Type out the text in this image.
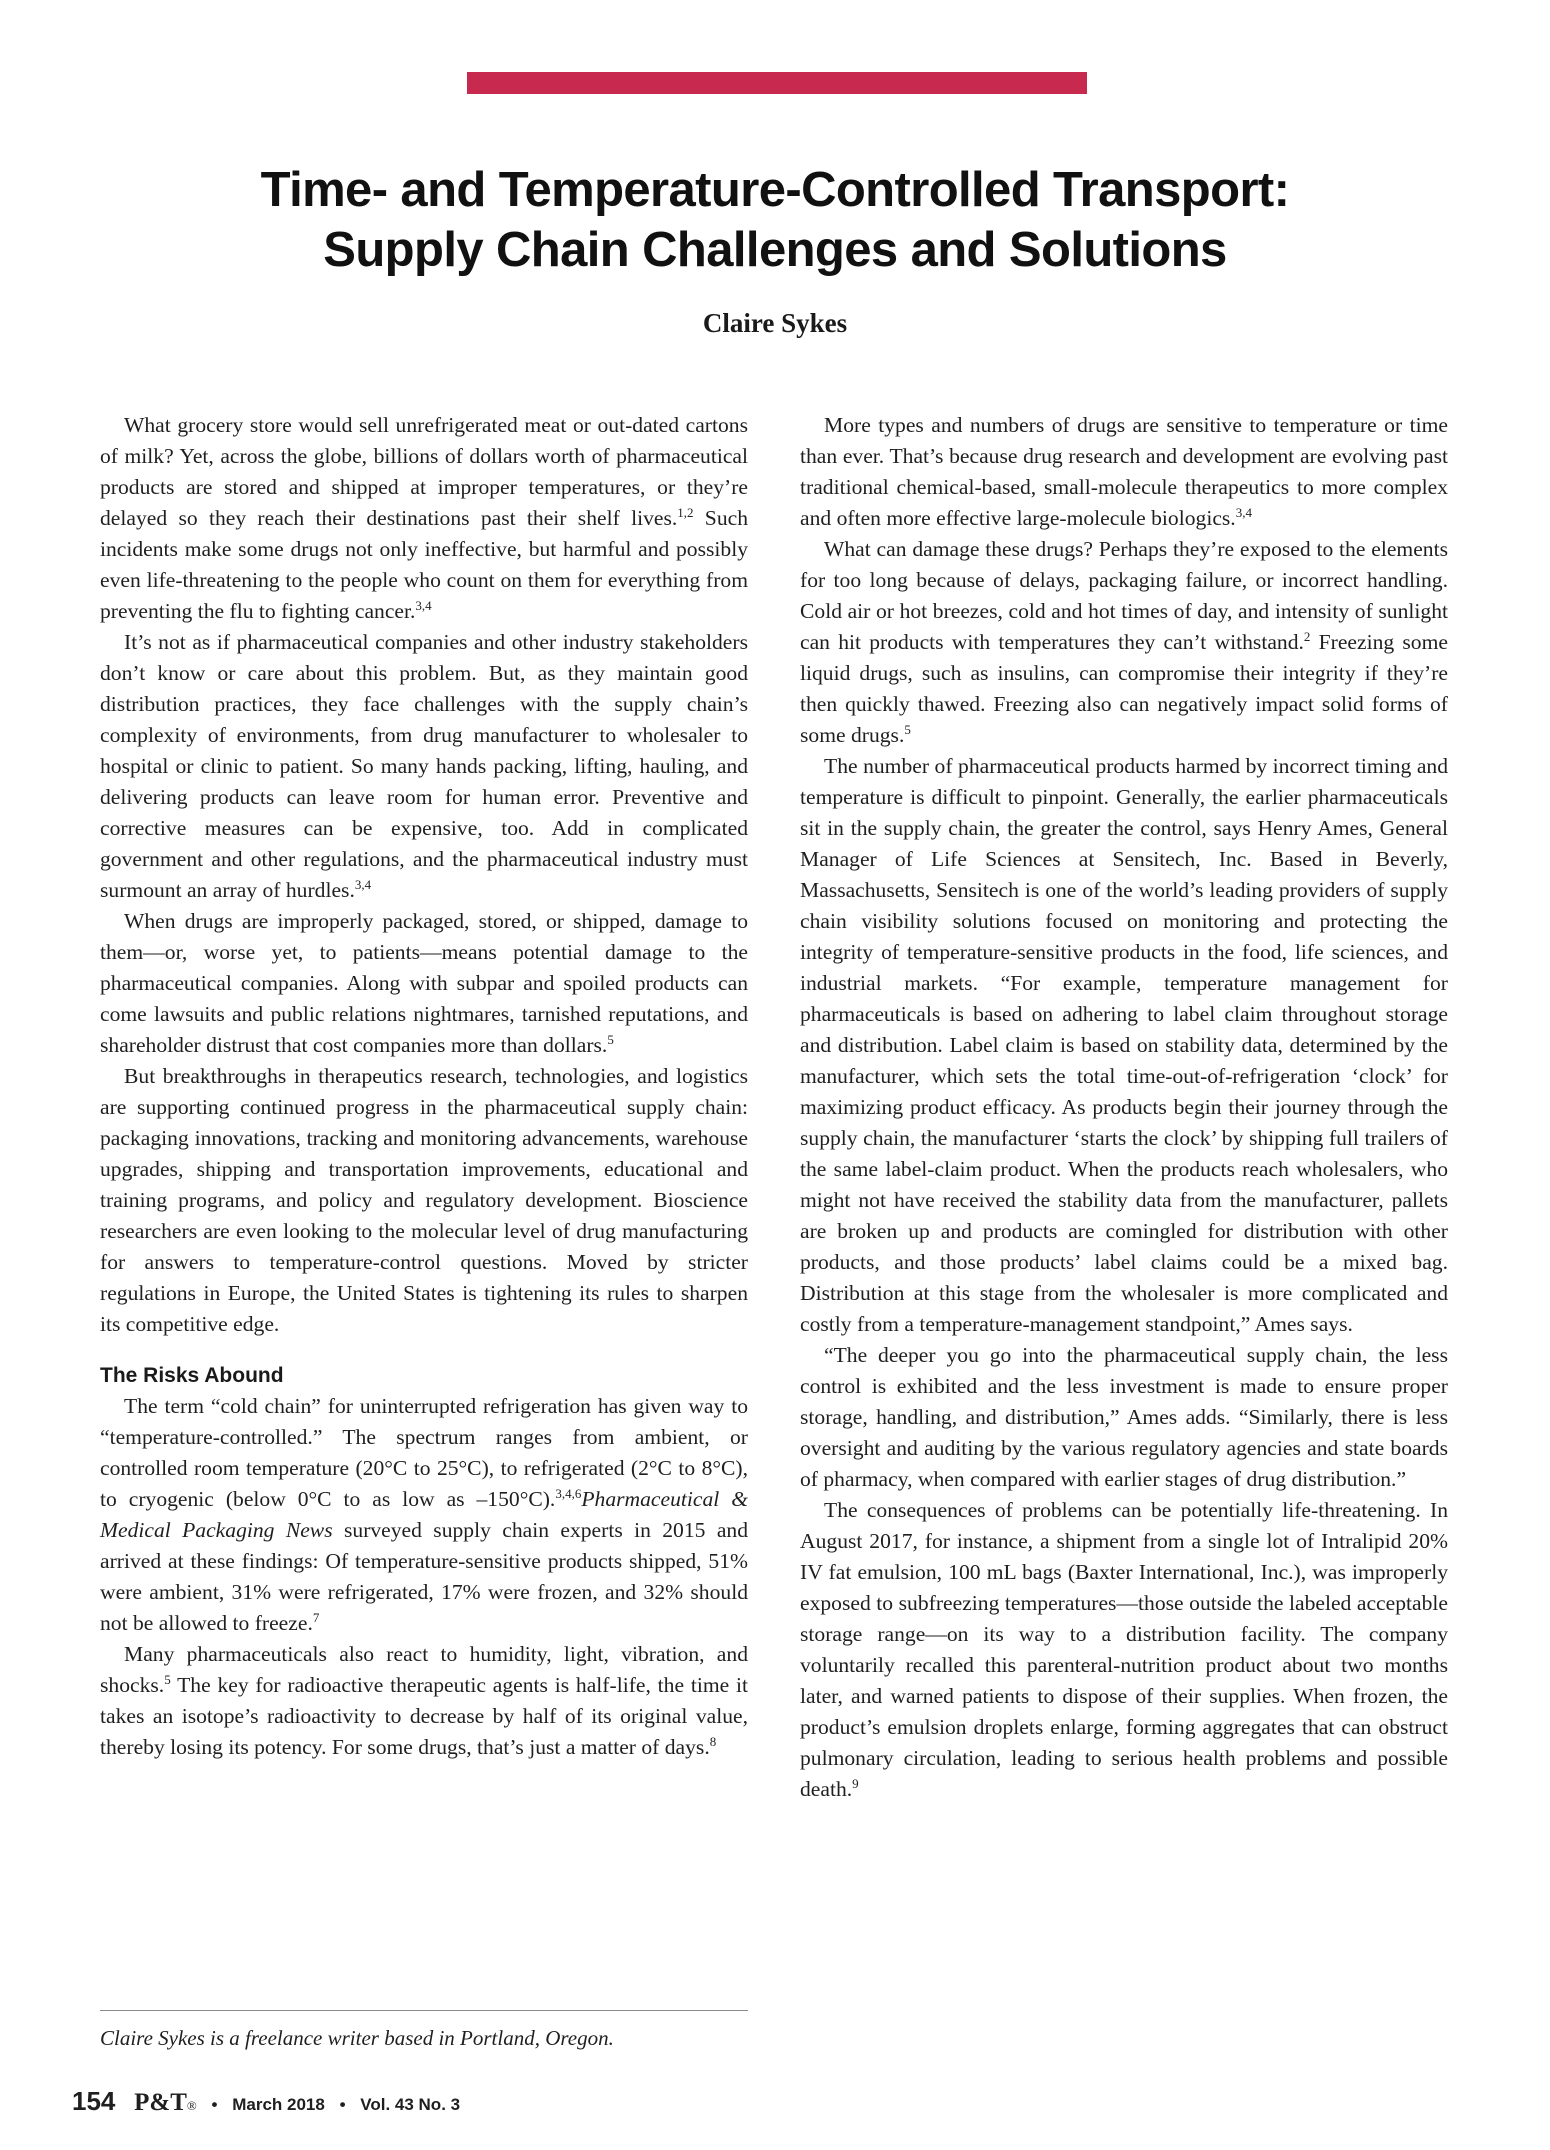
Time- and Temperature-Controlled Transport:
Supply Chain Challenges and Solutions
Claire Sykes

What grocery store would sell unrefrigerated meat or out-dated cartons of milk? Yet, across the globe, billions of dollars worth of pharmaceutical products are stored and shipped at improper temperatures, or they’re delayed so they reach their destinations past their shelf lives.$^{1,2}$ Such incidents make some drugs not only ineffective, but harmful and possibly even life-threatening to the people who count on them for everything from preventing the flu to fighting cancer.$^{3,4}$

It’s not as if pharmaceutical companies and other industry stakeholders don’t know or care about this problem. But, as they maintain good distribution practices, they face challenges with the supply chain’s complexity of environments, from drug manufacturer to wholesaler to hospital or clinic to patient. So many hands packing, lifting, hauling, and delivering products can leave room for human error. Preventive and corrective measures can be expensive, too. Add in complicated government and other regulations, and the pharmaceutical industry must surmount an array of hurdles.$^{3,4}$

When drugs are improperly packaged, stored, or shipped, damage to them—or, worse yet, to patients—means potential damage to the pharmaceutical companies. Along with subpar and spoiled products can come lawsuits and public relations nightmares, tarnished reputations, and shareholder distrust that cost companies more than dollars.$^5$

But breakthroughs in therapeutics research, technologies, and logistics are supporting continued progress in the pharmaceutical supply chain: packaging innovations, tracking and monitoring advancements, warehouse upgrades, shipping and transportation improvements, educational and training programs, and policy and regulatory development. Bioscience researchers are even looking to the molecular level of drug manufacturing for answers to temperature-control questions. Moved by stricter regulations in Europe, the United States is tightening its rules to sharpen its competitive edge.

The Risks Abound

The term “cold chain” for uninterrupted refrigeration has given way to “temperature-controlled.” The spectrum ranges from ambient, or controlled room temperature (20°C to 25°C), to refrigerated (2°C to 8°C), to cryogenic (below 0°C to as low as –150°C).$^{3,4,6}$Pharmaceutical & Medical Packaging News surveyed supply chain experts in 2015 and arrived at these findings: Of temperature-sensitive products shipped, 51% were ambient, 31% were refrigerated, 17% were frozen, and 32% should not be allowed to freeze.$^7$

Many pharmaceuticals also react to humidity, light, vibration, and shocks.$^5$ The key for radioactive therapeutic agents is half-life, the time it takes an isotope’s radioactivity to decrease by half of its original value, thereby losing its potency. For some drugs, that’s just a matter of days.$^8$

More types and numbers of drugs are sensitive to temperature or time than ever. That’s because drug research and development are evolving past traditional chemical-based, small-molecule therapeutics to more complex and often more effective large-molecule biologics.$^{3,4}$

What can damage these drugs? Perhaps they’re exposed to the elements for too long because of delays, packaging failure, or incorrect handling. Cold air or hot breezes, cold and hot times of day, and intensity of sunlight can hit products with temperatures they can’t withstand.$^2$ Freezing some liquid drugs, such as insulins, can compromise their integrity if they’re then quickly thawed. Freezing also can negatively impact solid forms of some drugs.$^5$

The number of pharmaceutical products harmed by incorrect timing and temperature is difficult to pinpoint. Generally, the earlier pharmaceuticals sit in the supply chain, the greater the control, says Henry Ames, General Manager of Life Sciences at Sensitech, Inc. Based in Beverly, Massachusetts, Sensitech is one of the world’s leading providers of supply chain visibility solutions focused on monitoring and protecting the integrity of temperature-sensitive products in the food, life sciences, and industrial markets. “For example, temperature management for pharmaceuticals is based on adhering to label claim throughout storage and distribution. Label claim is based on stability data, determined by the manufacturer, which sets the total time-out-of-refrigeration ‘clock’ for maximizing product efficacy. As products begin their journey through the supply chain, the manufacturer ‘starts the clock’ by shipping full trailers of the same label-claim product. When the products reach wholesalers, who might not have received the stability data from the manufacturer, pallets are broken up and products are comingled for distribution with other products, and those products’ label claims could be a mixed bag. Distribution at this stage from the wholesaler is more complicated and costly from a temperature-management standpoint,” Ames says.

“The deeper you go into the pharmaceutical supply chain, the less control is exhibited and the less investment is made to ensure proper storage, handling, and distribution,” Ames adds. “Similarly, there is less oversight and auditing by the various regulatory agencies and state boards of pharmacy, when compared with earlier stages of drug distribution.”

The consequences of problems can be potentially life-threatening. In August 2017, for instance, a shipment from a single lot of Intralipid 20% IV fat emulsion, 100 mL bags (Baxter International, Inc.), was improperly exposed to subfreezing temperatures—those outside the labeled acceptable storage range—on its way to a distribution facility. The company voluntarily recalled this parenteral-nutrition product about two months later, and warned patients to dispose of their supplies. When frozen, the product’s emulsion droplets enlarge, forming aggregates that can obstruct pulmonary circulation, leading to serious health problems and possible death.$^9$

Claire Sykes is a freelance writer based in Portland, Oregon.
154 P&T® • March 2018 • Vol. 43 No. 3
